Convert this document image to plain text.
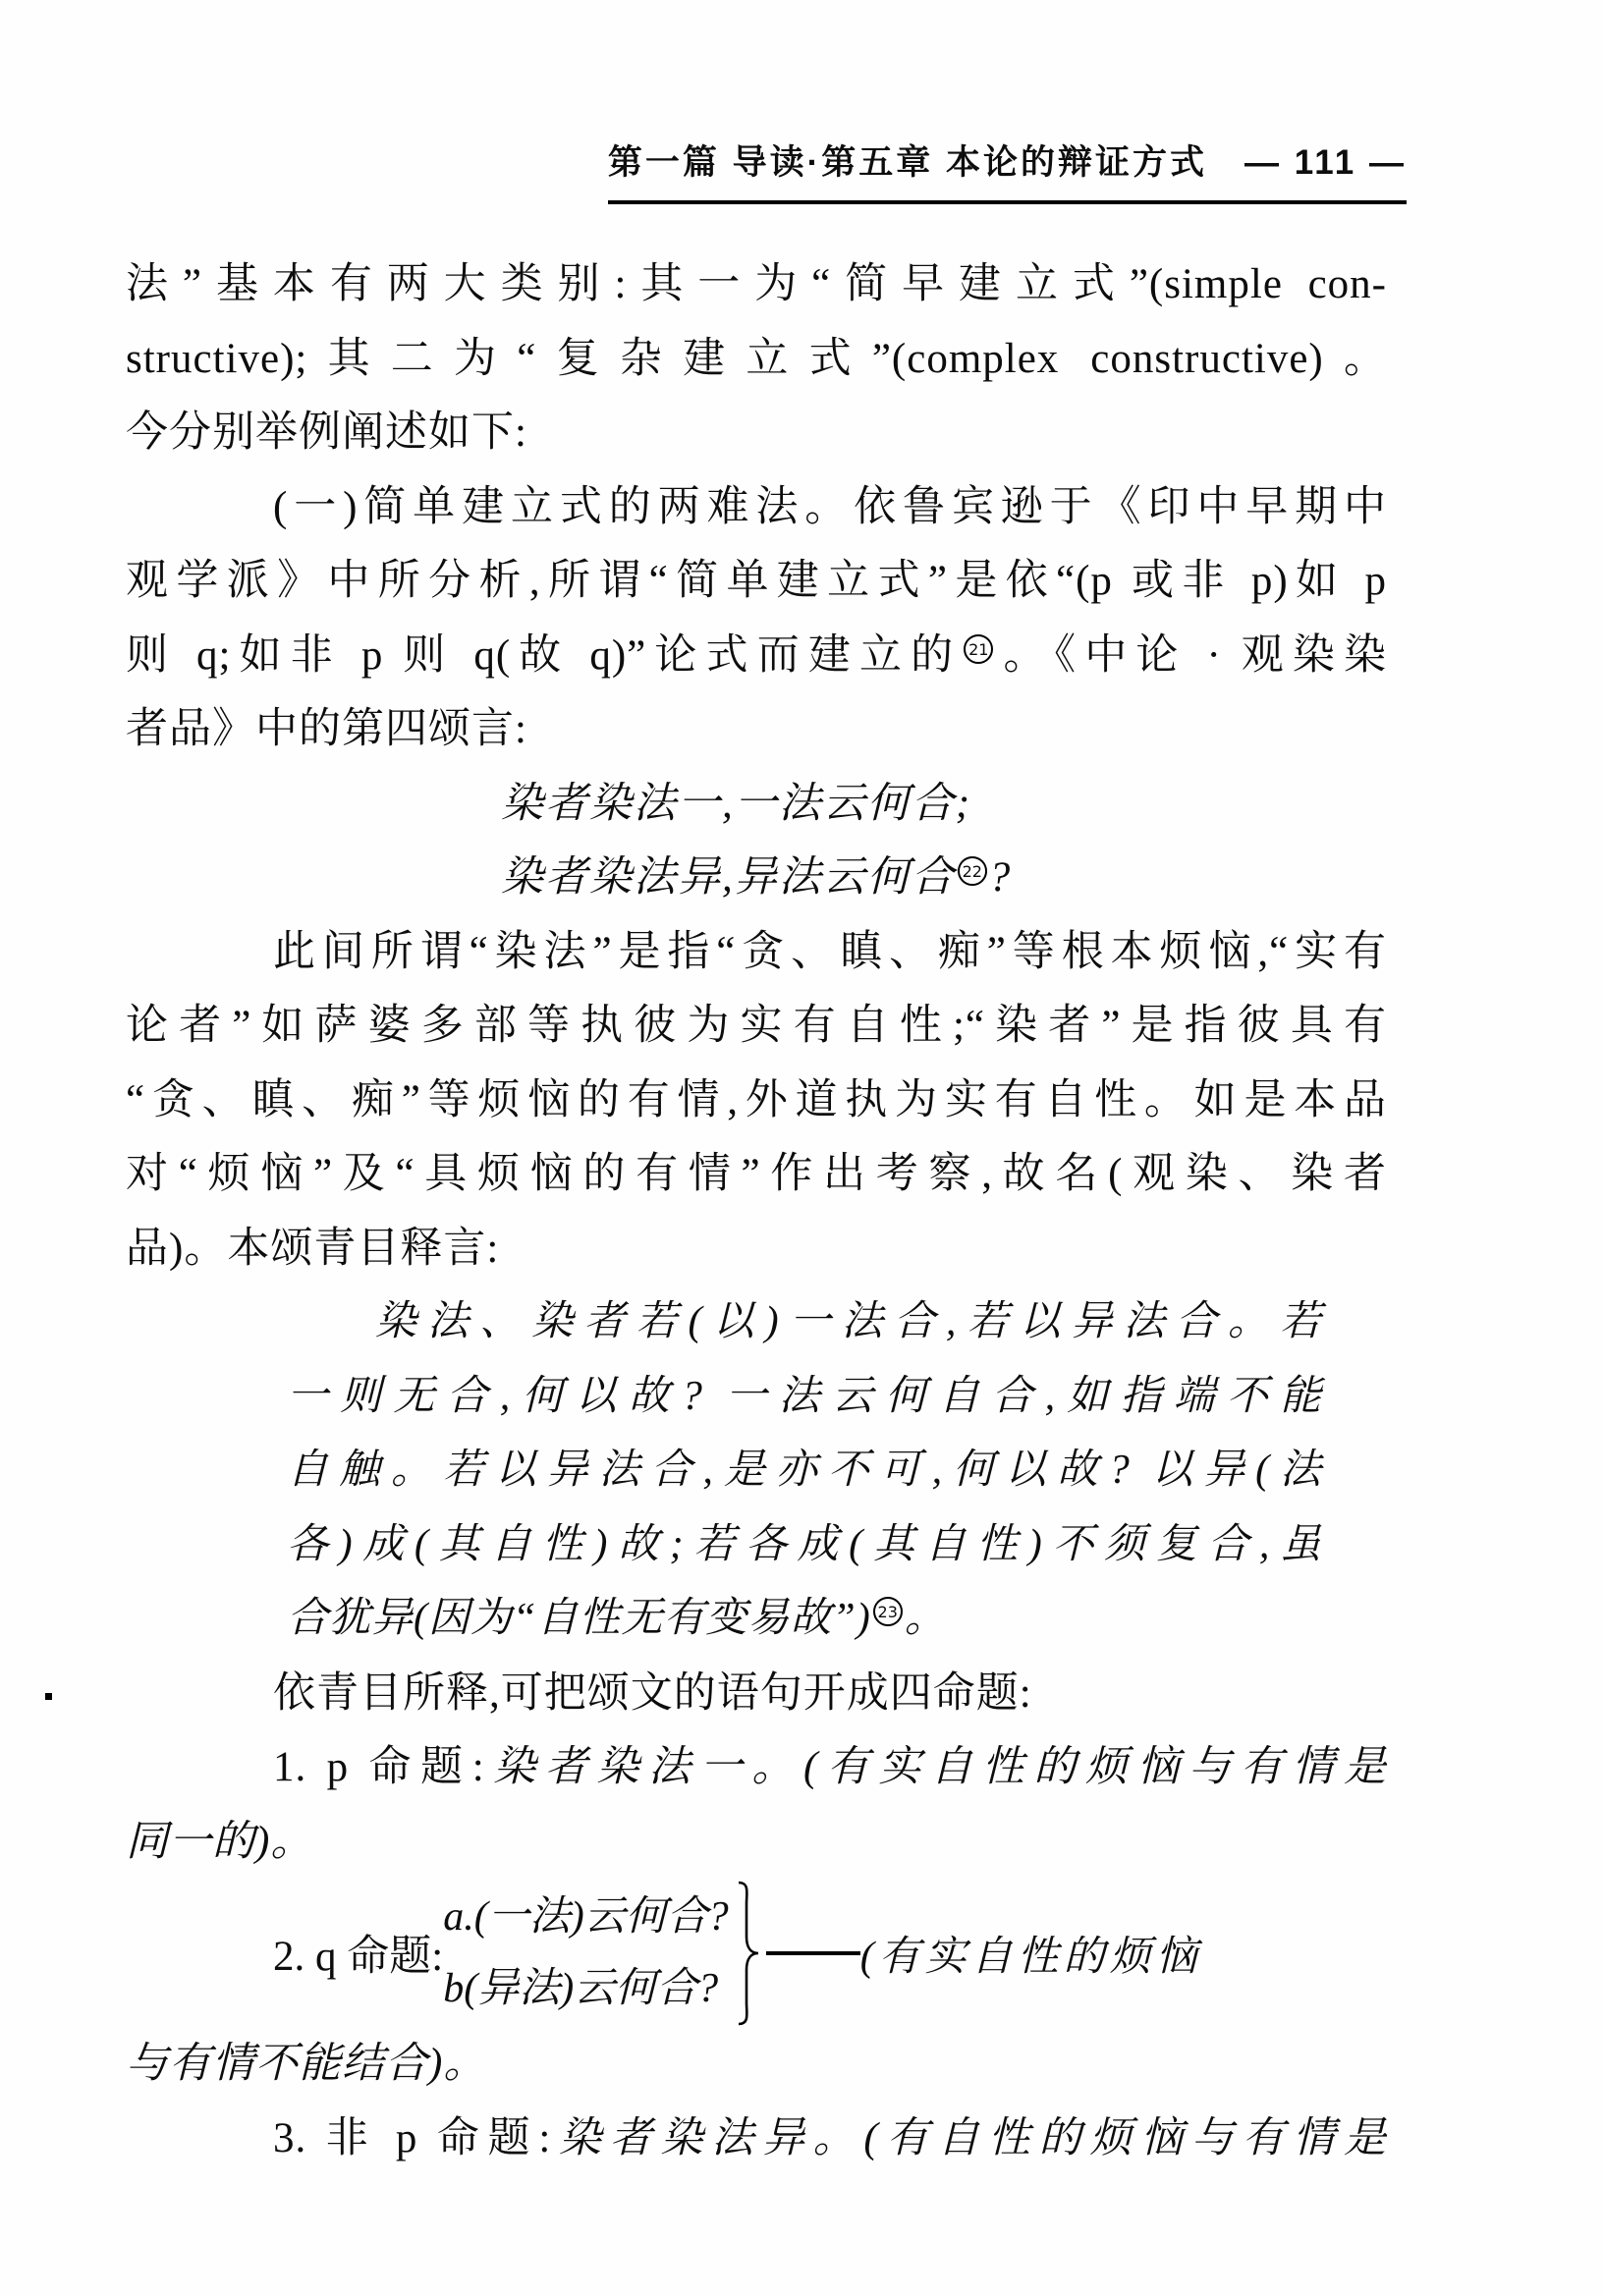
第一篇 导读·第五章 本论的辩证方式 — 111 —
法”基本有两大类别:其一为“简早建立式”(simple con-
structive);其二为“复杂建立式”(complex constructive)。
今分别举例阐述如下:
(一)简单建立式的两难法。依鲁宾逊于《印中早期中
观学派》中所分析,所谓“简单建立式”是依“(p 或非 p)如 p
则 q;如非 p 则 q(故 q)”论式而建立的 21 。《中论 · 观染染
者品》中的第四颂言:
染者染法一,一法云何合;
染者染法异,异法云何合 22 ?
此间所谓“染法”是指“贪、瞋、痴”等根本烦恼,“实有
论者”如萨婆多部等执彼为实有自性;“染者”是指彼具有
“贪、瞋、痴”等烦恼的有情,外道执为实有自性。如是本品
对“烦恼”及“具烦恼的有情”作出考察,故名(观染、染者
品)。本颂青目释言:
染法、染者若(以)一法合,若以异法合。若
一则无合,何以故? 一法云何自合,如指端不能
自触。若以异法合,是亦不可,何以故? 以异(法
各)成(其自性)故;若各成(其自性)不须复合,虽
合犹异(因为“自性无有变易故”) 23 。
依青目所释,可把颂文的语句开成四命题:
1. p 命题:染者染法一。(有实自性的烦恼与有情是
同一的)。
2. q 命题:
a.(一法)云何合?
b(异法)云何合?
(有实自性的烦恼
与有情不能结合)。
3. 非 p 命题:染者染法异。(有自性的烦恼与有情是
